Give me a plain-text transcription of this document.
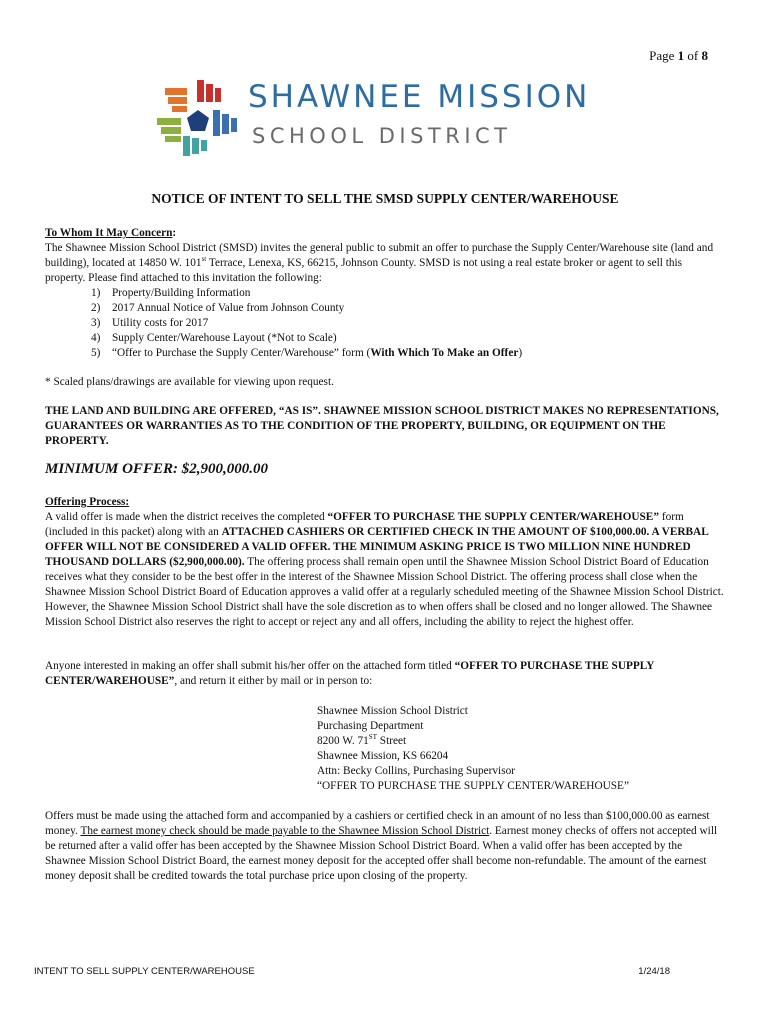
Page 1 of 8
SHAWNEE MISSION
SCHOOL DISTRICT
NOTICE OF INTENT TO SELL THE SMSD SUPPLY CENTER/WAREHOUSE
To Whom It May Concern:
The Shawnee Mission School District (SMSD) invites the general public to submit an offer to purchase the Supply Center/Warehouse site (land and building), located at 14850 W. 101st Terrace, Lenexa, KS, 66215, Johnson County. SMSD is not using a real estate broker or agent to sell this property. Please find attached to this invitation the following:
1) Property/Building Information
2) 2017 Annual Notice of Value from Johnson County
3) Utility costs for 2017
4) Supply Center/Warehouse Layout (*Not to Scale)
5) “Offer to Purchase the Supply Center/Warehouse” form (With Which To Make an Offer)
* Scaled plans/drawings are available for viewing upon request.
THE LAND AND BUILDING ARE OFFERED, “AS IS”. SHAWNEE MISSION SCHOOL DISTRICT MAKES NO REPRESENTATIONS, GUARANTEES OR WARRANTIES AS TO THE CONDITION OF THE PROPERTY, BUILDING, OR EQUIPMENT ON THE PROPERTY.
MINIMUM OFFER: $2,900,000.00
Offering Process:
A valid offer is made when the district receives the completed “OFFER TO PURCHASE THE SUPPLY CENTER/WAREHOUSE” form (included in this packet) along with an ATTACHED CASHIERS OR CERTIFIED CHECK IN THE AMOUNT OF $100,000.00. A VERBAL OFFER WILL NOT BE CONSIDERED A VALID OFFER. THE MINIMUM ASKING PRICE IS TWO MILLION NINE HUNDRED THOUSAND DOLLARS ($2,900,000.00). The offering process shall remain open until the Shawnee Mission School District Board of Education receives what they consider to be the best offer in the interest of the Shawnee Mission School District. The offering process shall close when the Shawnee Mission School District Board of Education approves a valid offer at a regularly scheduled meeting of the Shawnee Mission School District. However, the Shawnee Mission School District shall have the sole discretion as to when offers shall be closed and no longer allowed. The Shawnee Mission School District also reserves the right to accept or reject any and all offers, including the ability to reject the highest offer.
Anyone interested in making an offer shall submit his/her offer on the attached form titled “OFFER TO PURCHASE THE SUPPLY CENTER/WAREHOUSE”, and return it either by mail or in person to:
Shawnee Mission School District
Purchasing Department
8200 W. 71ST Street
Shawnee Mission, KS 66204
Attn: Becky Collins, Purchasing Supervisor
“OFFER TO PURCHASE THE SUPPLY CENTER/WAREHOUSE”
Offers must be made using the attached form and accompanied by a cashiers or certified check in an amount of no less than $100,000.00 as earnest money. The earnest money check should be made payable to the Shawnee Mission School District. Earnest money checks of offers not accepted will be returned after a valid offer has been accepted by the Shawnee Mission School District Board. When a valid offer has been accepted by the Shawnee Mission School District Board, the earnest money deposit for the accepted offer shall become non-refundable. The amount of the earnest money deposit shall be credited towards the total purchase price upon closing of the property.
INTENT TO SELL SUPPLY CENTER/WAREHOUSE	1/24/18
